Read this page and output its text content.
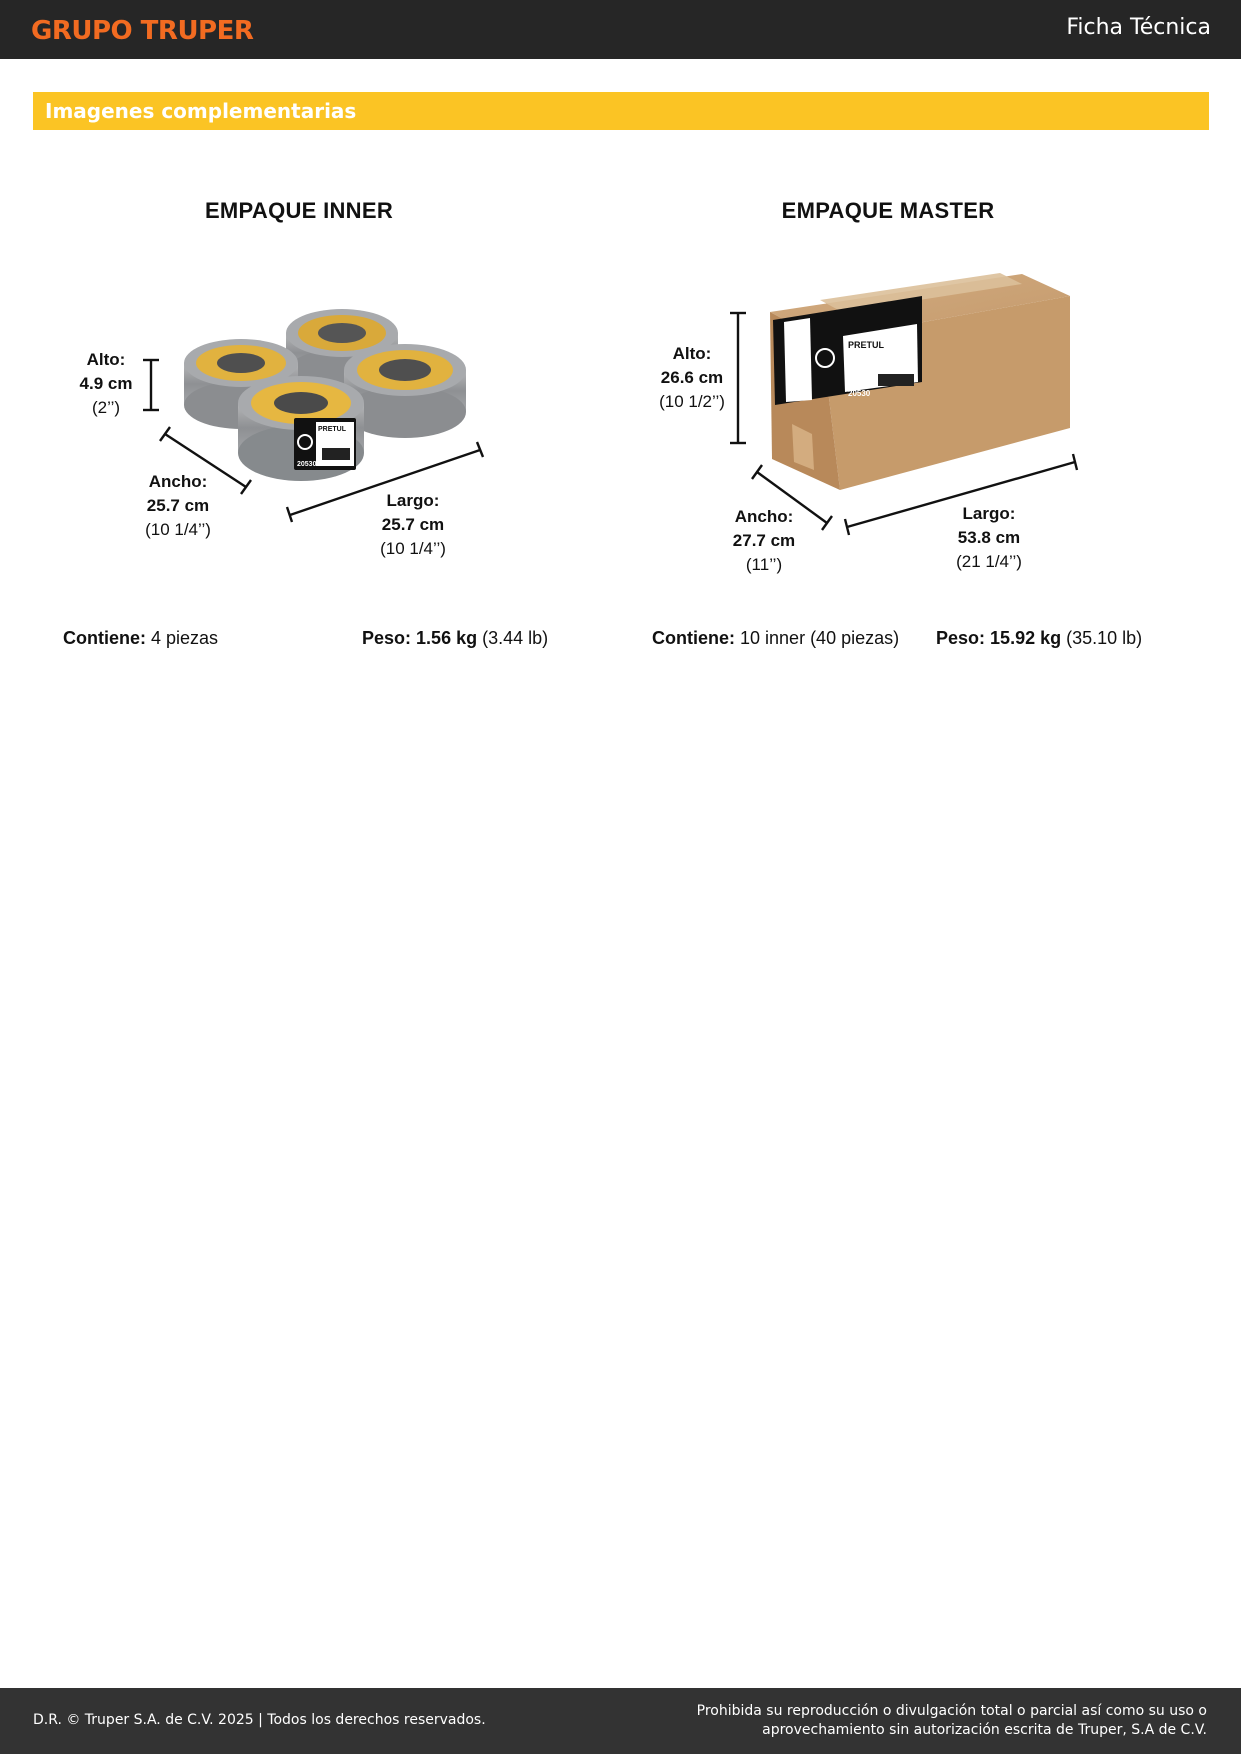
GRUPO TRUPER	Ficha Técnica
Imagenes complementarias
EMPAQUE INNER	EMPAQUE MASTER
PRETUL
20530
PRETUL
20530
Alto:
4.9 cm
(2’’)
Ancho:
25.7 cm
(10 1/4’’)
Largo:
25.7 cm
(10 1/4’’)
Alto:
26.6 cm
(10 1/2’’)
Ancho:
27.7 cm
(11’’)
Largo:
53.8 cm
(21 1/4’’)
Contiene: 4 piezas	Peso: 1.56 kg (3.44 lb)	Contiene: 10 inner (40 piezas) Peso: 15.92 kg (35.10 lb)
D.R. © Truper S.A. de C.V. 2025 | Todos los derechos reservados.
Prohibida su reproducción o divulgación total o parcial así como su uso o
aprovechamiento sin autorización escrita de Truper, S.A de C.V.
